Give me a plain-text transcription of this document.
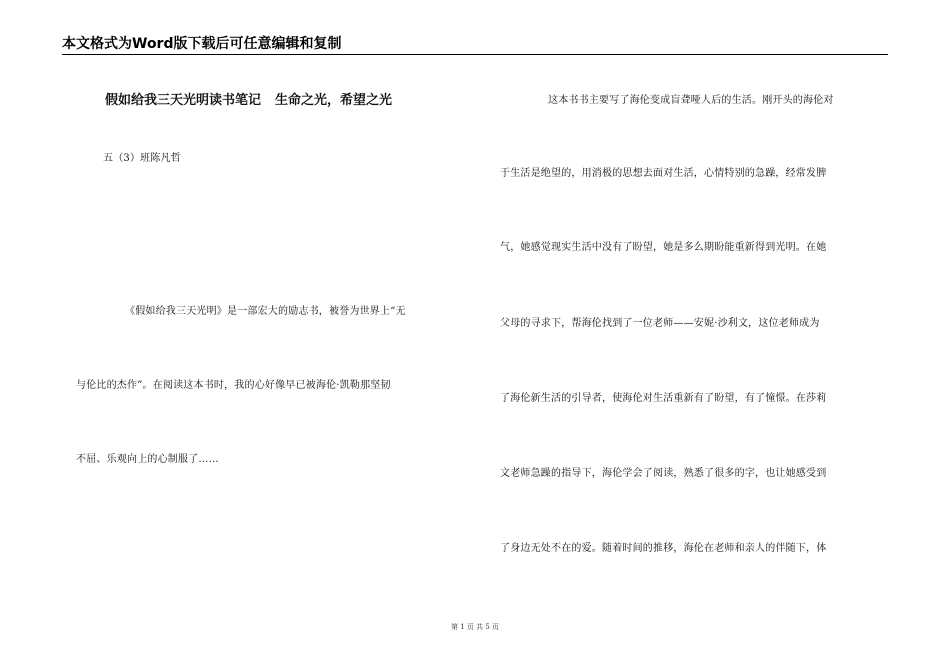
本文格式为Word版下载后可任意编辑和复制
假如给我三天光明读书笔记 生命之光，希望之光
五（3）班陈凡哲
《假如给我三天光明》是一部宏大的励志书，被誉为世界上“无
与伦比的杰作”。在阅读这本书时，我的心好像早已被海伦·凯勒那坚韧
不屈、乐观向上的心制服了……
这本书书主要写了海伦变成盲聋哑人后的生活。刚开头的海伦对
于生活是绝望的，用消极的思想去面对生活，心情特别的急躁，经常发脾
气，她感觉现实生活中没有了盼望，她是多么期盼能重新得到光明。在她
父母的寻求下，帮海伦找到了一位老师——安妮·沙利文，这位老师成为
了海伦新生活的引导者，使海伦对生活重新有了盼望，有了憧憬。在莎莉
文老师急躁的指导下，海伦学会了阅读，熟悉了很多的字，也让她感受到
了身边无处不在的爱。随着时间的推移，海伦在老师和亲人的伴随下，体
第 1 页 共 5 页
